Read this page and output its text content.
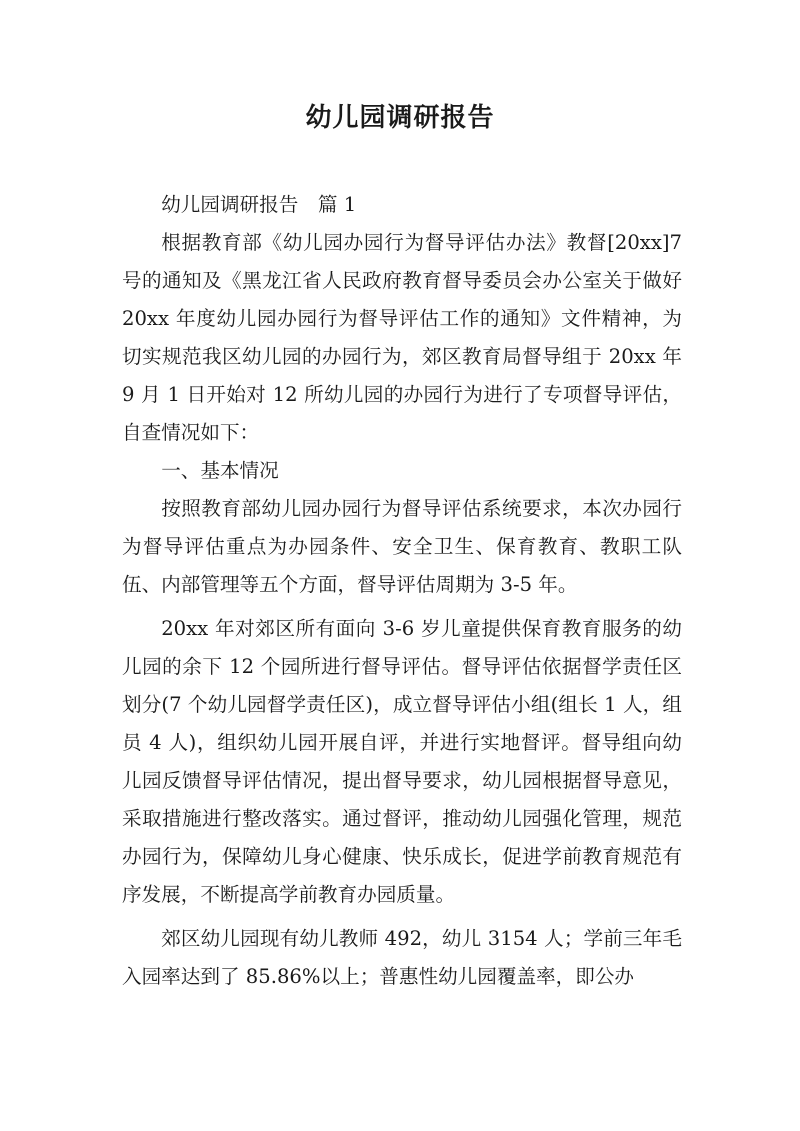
幼儿园调研报告

幼儿园调研报告　篇 1

根据教育部《幼儿园办园行为督导评估办法》教督[20xx]7 号的通知及《黑龙江省人民政府教育督导委员会办公室关于做好 20xx 年度幼儿园办园行为督导评估工作的通知》文件精神，为切实规范我区幼儿园的办园行为，郊区教育局督导组于 20xx 年 9 月 1 日开始对 12 所幼儿园的办园行为进行了专项督导评估，自查情况如下：

一、基本情况

按照教育部幼儿园办园行为督导评估系统要求，本次办园行为督导评估重点为办园条件、安全卫生、保育教育、教职工队伍、内部管理等五个方面，督导评估周期为 3-5 年。

20xx 年对郊区所有面向 3-6 岁儿童提供保育教育服务的幼儿园的余下 12 个园所进行督导评估。督导评估依据督学责任区划分(7 个幼儿园督学责任区)，成立督导评估小组(组长 1 人，组员 4 人)，组织幼儿园开展自评，并进行实地督评。督导组向幼儿园反馈督导评估情况，提出督导要求，幼儿园根据督导意见，采取措施进行整改落实。通过督评，推动幼儿园强化管理，规范办园行为，保障幼儿身心健康、快乐成长，促进学前教育规范有序发展，不断提高学前教育办园质量。

郊区幼儿园现有幼儿教师 492，幼儿 3154 人；学前三年毛入园率达到了 85.86%以上；普惠性幼儿园覆盖率，即公办
